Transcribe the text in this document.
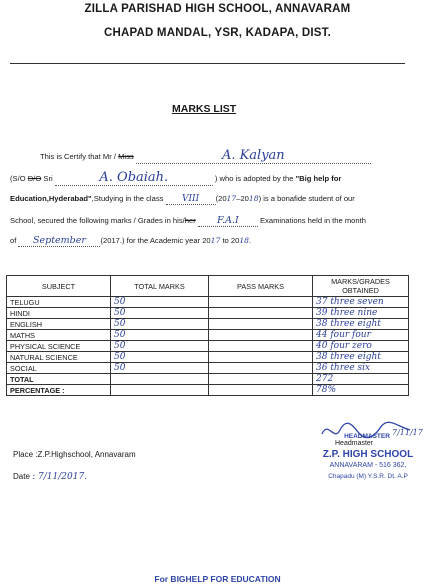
ZILLA PARISHAD HIGH SCHOOL, ANNAVARAM
CHAPAD MANDAL, YSR, KADAPA, DIST.
MARKS LIST
This is Certify that Mr / Miss	A. Kalyan
(S/O D/O Sri	A. Obaiah.	) who is adopted by the "Big help for
Education,Hyderabad",Studying in the class VIII (2017–2018) is a bonafide student of our
School, secured the following marks / Grades in his/her F.A.I	Examinations held in the month
of September (2017.) for the Academic year 2017 to 2018.
SUBJECT	TOTAL MARKS	PASS MARKS	MARKS/GRADES OBTAINED
TELUGU	50		37 three seven
HINDI	50		39 three nine
ENGLISH	50		38 three eight
MATHS	50		44 four four
PHYSICAL SCIENCE	50		40 four zero
NATURAL SCIENCE	50		38 three eight
SOCIAL	50		36 three six
TOTAL			272
PERCENTAGE :			78%
Place :Z.P.Highschool, Annavaram
Date : 7/11/2017.
7/11/17
Headmaster
HEADMASTER
Z.P. HIGH SCHOOL
ANNAVARAM - 516 362,
Chapadu (M) Y.S.R. Dt. A.P
For BIGHELP FOR EDUCATION
